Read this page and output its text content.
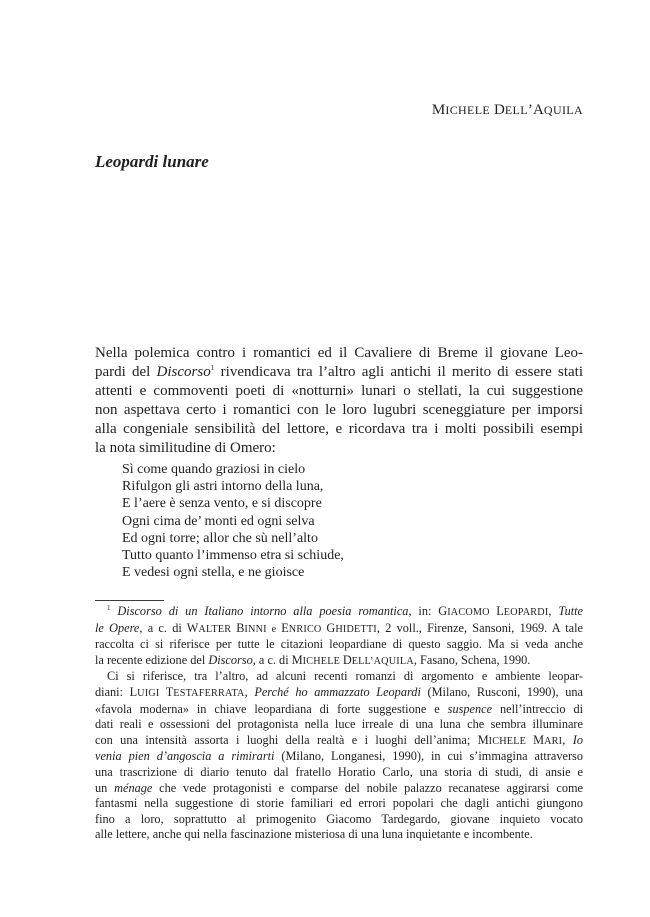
MICHELE DELL’AQUILA
Leopardi lunare
Nella polemica contro i romantici ed il Cavaliere di Breme il giovane Leo-
pardi del Discorso$^1$ rivendicava tra l’altro agli antichi il merito di essere stati
attenti e commoventi poeti di «notturni» lunari o stellati, la cui suggestione
non aspettava certo i romantici con le loro lugubri sceneggiature per imporsi
alla congeniale sensibilità del lettore, e ricordava tra i molti possibili esempi
la nota similitudine di Omero:
Sì come quando graziosi in cielo
Rifulgon gli astri intorno della luna,
E l’aere è senza vento, e si discopre
Ogni cima de’ monti ed ogni selva
Ed ogni torre; allor che sù nell’alto
Tutto quanto l’immenso etra si schiude,
E vedesi ogni stella, e ne gioisce
$^1$ Discorso di un Italiano intorno alla poesia romantica, in: GIACOMO LEOPARDI, Tutte
le Opere, a c. di WALTER BINNI e ENRICO GHIDETTI, 2 voll., Firenze, Sansoni, 1969. A tale
raccolta ci si riferisce per tutte le citazioni leopardiane di questo saggio. Ma si veda anche
la recente edizione del Discorso, a c. di MICHELE DELL’AQUILA, Fasano, Schena, 1990.
Ci si riferisce, tra l’altro, ad alcuni recenti romanzi di argomento e ambiente leopar-
diani: LUIGI TESTAFERRATA, Perché ho ammazzato Leopardi (Milano, Rusconi, 1990), una
«favola moderna» in chiave leopardiana di forte suggestione e suspence nell’intreccio di
dati reali e ossessioni del protagonista nella luce irreale di una luna che sembra illuminare
con una intensità assorta i luoghi della realtà e i luoghi dell’anima; MICHELE MARI, Io
venia pien d’angoscia a rimirarti (Milano, Longanesi, 1990), in cui s’immagina attraverso
una trascrizione di diario tenuto dal fratello Horatio Carlo, una storia di studi, di ansie e
un ménage che vede protagonisti e comparse del nobile palazzo recanatese aggirarsi come
fantasmi nella suggestione di storie familiari ed errori popolari che dagli antichi giungono
fino a loro, soprattutto al primogenito Giacomo Tardegardo, giovane inquieto vocato
alle lettere, anche qui nella fascinazione misteriosa di una luna inquietante e incombente.
